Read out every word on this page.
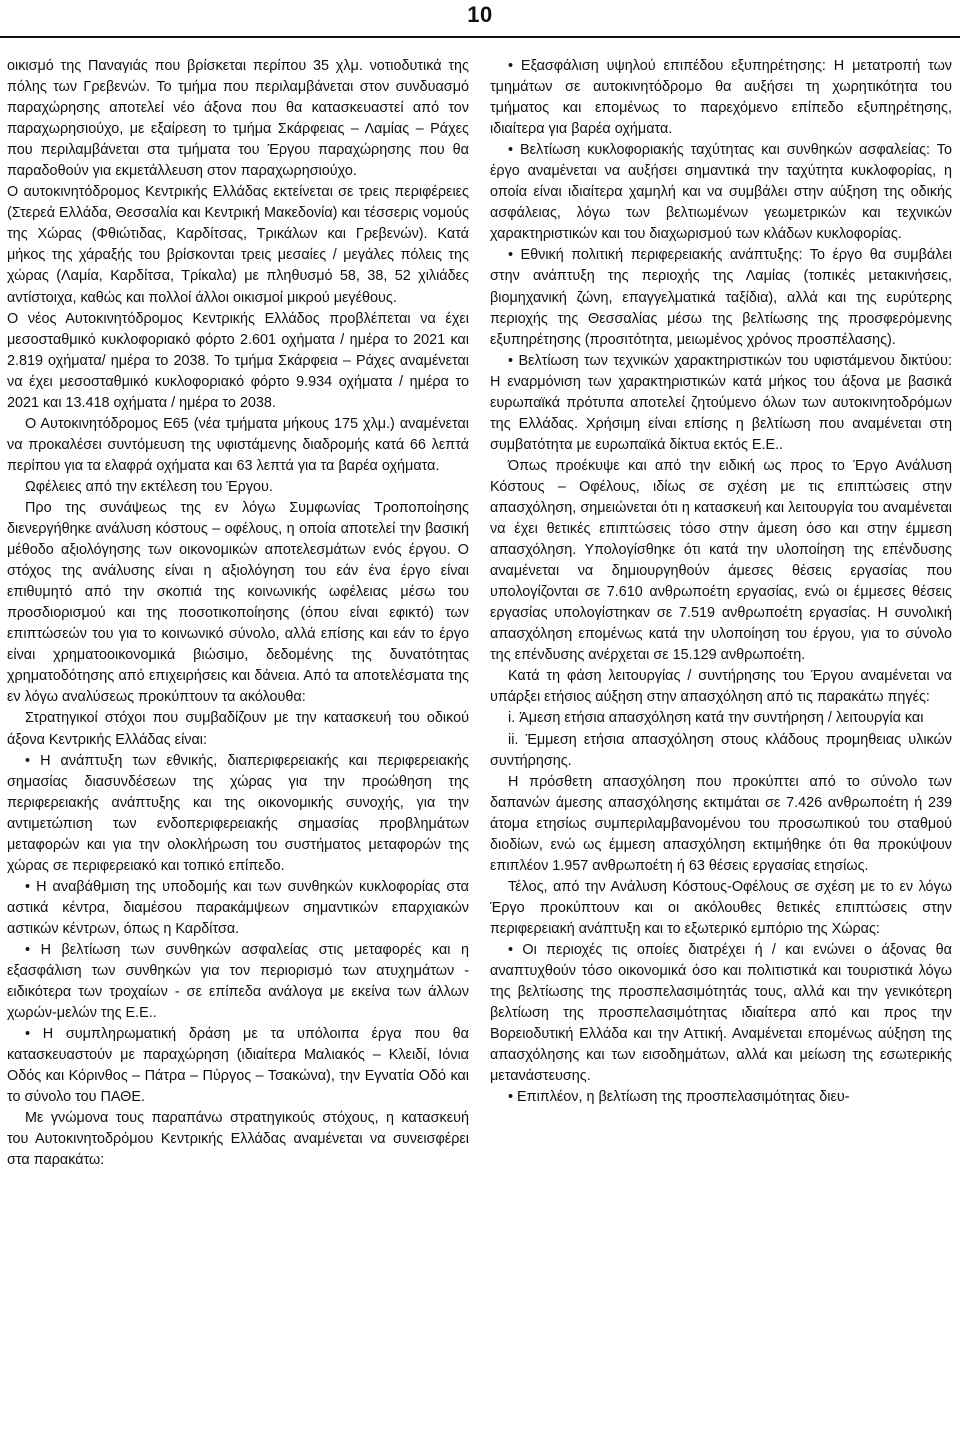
10

οικισμό της Παναγιάς που βρίσκεται περίπου 35 χλμ. νοτιοδυτικά της πόλης των Γρεβενών. Το τμήμα που περιλαμβάνεται στον συνδυασμό παραχώρησης αποτελεί νέο άξονα που θα κατασκευαστεί από τον παραχωρησιούχο, με εξαίρεση το τμήμα Σκάρφειας – Λαμίας – Ράχες που περιλαμβάνεται στα τμήματα του Έργου παραχώρησης που θα παραδοθούν για εκμετάλλευση στον παραχωρησιούχο.

Ο αυτοκινητόδρομος Κεντρικής Ελλάδας εκτείνεται σε τρεις περιφέρειες (Στερεά Ελλάδα, Θεσσαλία και Κεντρική Μακεδονία) και τέσσερις νομούς της Χώρας (Φθιώτιδας, Καρδίτσας, Τρικάλων και Γρεβενών). Κατά μήκος της χάραξής του βρίσκονται τρεις μεσαίες / μεγάλες πόλεις της χώρας (Λαμία, Καρδίτσα, Τρίκαλα) με πληθυσμό 58, 38, 52 χιλιάδες αντίστοιχα, καθώς και πολλοί άλλοι οικισμοί μικρού μεγέθους.

Ο νέος Αυτοκινητόδρομος Κεντρικής Ελλάδος προβλέπεται να έχει μεσοσταθμικό κυκλοφοριακό φόρτο 2.601 οχήματα / ημέρα το 2021 και 2.819 οχήματα/ ημέρα το 2038. Το τμήμα Σκάρφεια – Ράχες αναμένεται να έχει μεσοσταθμικό κυκλοφοριακό φόρτο 9.934 οχήματα / ημέρα το 2021 και 13.418 οχήματα / ημέρα το 2038.

Ο Αυτοκινητόδρομος Ε65 (νέα τμήματα μήκους 175 χλμ.) αναμένεται να προκαλέσει συντόμευση της υφιστάμενης διαδρομής κατά 66 λεπτά περίπου για τα ελαφρά οχήματα και 63 λεπτά για τα βαρέα οχήματα.

Ωφέλειες από την εκτέλεση του Έργου.

Προ της συνάψεως της εν λόγω Συμφωνίας Τροποποίησης διενεργήθηκε ανάλυση κόστους – οφέλους, η οποία αποτελεί την βασική μέθοδο αξιολόγησης των οικονομικών αποτελεσμάτων ενός έργου. Ο στόχος της ανάλυσης είναι η αξιολόγηση του εάν ένα έργο είναι επιθυμητό από την σκοπιά της κοινωνικής ωφέλειας μέσω του προσδιορισμού και της ποσοτικοποίησης (όπου είναι εφικτό) των επιπτώσεών του για το κοινωνικό σύνολο, αλλά επίσης και εάν το έργο είναι χρηματοοικονομικά βιώσιμο, δεδομένης της δυνατότητας χρηματοδότησης από επιχειρήσεις και δάνεια. Από τα αποτελέσματα της εν λόγω αναλύσεως προκύπτουν τα ακόλουθα:

Στρατηγικοί στόχοι που συμβαδίζουν με την κατασκευή του οδικού άξονα Κεντρικής Ελλάδας είναι:

• Η ανάπτυξη των εθνικής, διαπεριφερειακής και περιφερειακής σημασίας διασυνδέσεων της χώρας για την προώθηση της περιφερειακής ανάπτυξης και της οικονομικής συνοχής, για την αντιμετώπιση των ενδοπεριφερειακής σημασίας προβλημάτων μεταφορών και για την ολοκλήρωση του συστήματος μεταφορών της χώρας σε περιφερειακό και τοπικό επίπεδο.

• Η αναβάθμιση της υποδομής και των συνθηκών κυκλοφορίας στα αστικά κέντρα, διαμέσου παρακάμψεων σημαντικών επαρχιακών αστικών κέντρων, όπως η Καρδίτσα.

• Η βελτίωση των συνθηκών ασφαλείας στις μεταφορές και η εξασφάλιση των συνθηκών για τον περιορισμό των ατυχημάτων - ειδικότερα των τροχαίων - σε επίπεδα ανάλογα με εκείνα των άλλων χωρών-μελών της Ε.Ε..

• Η συμπληρωματική δράση με τα υπόλοιπα έργα που θα κατασκευαστούν με παραχώρηση (ιδιαίτερα Μαλιακός – Κλειδί, Ιόνια Οδός και Κόρινθος – Πάτρα – Πύργος – Τσακώνα), την Εγνατία Οδό και το σύνολο του ΠΑΘΕ.

Με γνώμονα τους παραπάνω στρατηγικούς στόχους, η κατασκευή του Αυτοκινητοδρόμου Κεντρικής Ελλάδας αναμένεται να συνεισφέρει στα παρακάτω:

• Εξασφάλιση υψηλού επιπέδου εξυπηρέτησης: Η μετατροπή των τμημάτων σε αυτοκινητόδρομο θα αυξήσει τη χωρητικότητα του τμήματος και επομένως το παρεχόμενο επίπεδο εξυπηρέτησης, ιδιαίτερα για βαρέα οχήματα.

• Βελτίωση κυκλοφοριακής ταχύτητας και συνθηκών ασφαλείας: Το έργο αναμένεται να αυξήσει σημαντικά την ταχύτητα κυκλοφορίας, η οποία είναι ιδιαίτερα χαμηλή και να συμβάλει στην αύξηση της οδικής ασφάλειας, λόγω των βελτιωμένων γεωμετρικών και τεχνικών χαρακτηριστικών και του διαχωρισμού των κλάδων κυκλοφορίας.

• Εθνική πολιτική περιφερειακής ανάπτυξης: Το έργο θα συμβάλει στην ανάπτυξη της περιοχής της Λαμίας (τοπικές μετακινήσεις, βιομηχανική ζώνη, επαγγελματικά ταξίδια), αλλά και της ευρύτερης περιοχής της Θεσσαλίας μέσω της βελτίωσης της προσφερόμενης εξυπηρέτησης (προσιτότητα, μειωμένος χρόνος προσπέλασης).

• Βελτίωση των τεχνικών χαρακτηριστικών του υφιστάμενου δικτύου: Η εναρμόνιση των χαρακτηριστικών κατά μήκος του άξονα με βασικά ευρωπαϊκά πρότυπα αποτελεί ζητούμενο όλων των αυτοκινητοδρόμων της Ελλάδας. Χρήσιμη είναι επίσης η βελτίωση που αναμένεται στη συμβατότητα με ευρωπαϊκά δίκτυα εκτός Ε.Ε..

Όπως προέκυψε και από την ειδική ως προς το Έργο Ανάλυση Κόστους – Οφέλους, ιδίως σε σχέση με τις επιπτώσεις στην απασχόληση, σημειώνεται ότι η κατασκευή και λειτουργία του αναμένεται να έχει θετικές επιπτώσεις τόσο στην άμεση όσο και στην έμμεση απασχόληση. Υπολογίσθηκε ότι κατά την υλοποίηση της επένδυσης αναμένεται να δημιουργηθούν άμεσες θέσεις εργασίας που υπολογίζονται σε 7.610 ανθρωποέτη εργασίας, ενώ οι έμμεσες θέσεις εργασίας υπολογίστηκαν σε 7.519 ανθρωποέτη εργασίας. Η συνολική απασχόληση επομένως κατά την υλοποίηση του έργου, για το σύνολο της επένδυσης ανέρχεται σε 15.129 ανθρωποέτη.

Κατά τη φάση λειτουργίας / συντήρησης του Έργου αναμένεται να υπάρξει ετήσιος αύξηση στην απασχόληση από τις παρακάτω πηγές:

i. Άμεση ετήσια απασχόληση κατά την συντήρηση / λειτουργία και

ii. Έμμεση ετήσια απασχόληση στους κλάδους προμηθειας υλικών συντήρησης.

Η πρόσθετη απασχόληση που προκύπτει από το σύνολο των δαπανών άμεσης απασχόλησης εκτιμάται σε 7.426 ανθρωποέτη ή 239 άτομα ετησίως συμπεριλαμβανομένου του προσωπικού του σταθμού διοδίων, ενώ ως έμμεση απασχόληση εκτιμήθηκε ότι θα προκύψουν επιπλέον 1.957 ανθρωποέτη ή 63 θέσεις εργασίας ετησίως.

Τέλος, από την Ανάλυση Κόστους-Οφέλους σε σχέση με το εν λόγω Έργο προκύπτουν και οι ακόλουθες θετικές επιπτώσεις στην περιφερειακή ανάπτυξη και το εξωτερικό εμπόριο της Χώρας:

• Οι περιοχές τις οποίες διατρέχει ή / και ενώνει ο άξονας θα αναπτυχθούν τόσο οικονομικά όσο και πολιτιστικά και τουριστικά λόγω της βελτίωσης της προσπελασιμότητάς τους, αλλά και την γενικότερη βελτίωση της προσπελασιμότητας ιδιαίτερα από και προς την Βορειοδυτική Ελλάδα και την Αττική. Αναμένεται επομένως αύξηση της απασχόλησης και των εισοδημάτων, αλλά και μείωση της εσωτερικής μετανάστευσης.

• Επιπλέον, η βελτίωση της προσπελασιμότητας διευ-
